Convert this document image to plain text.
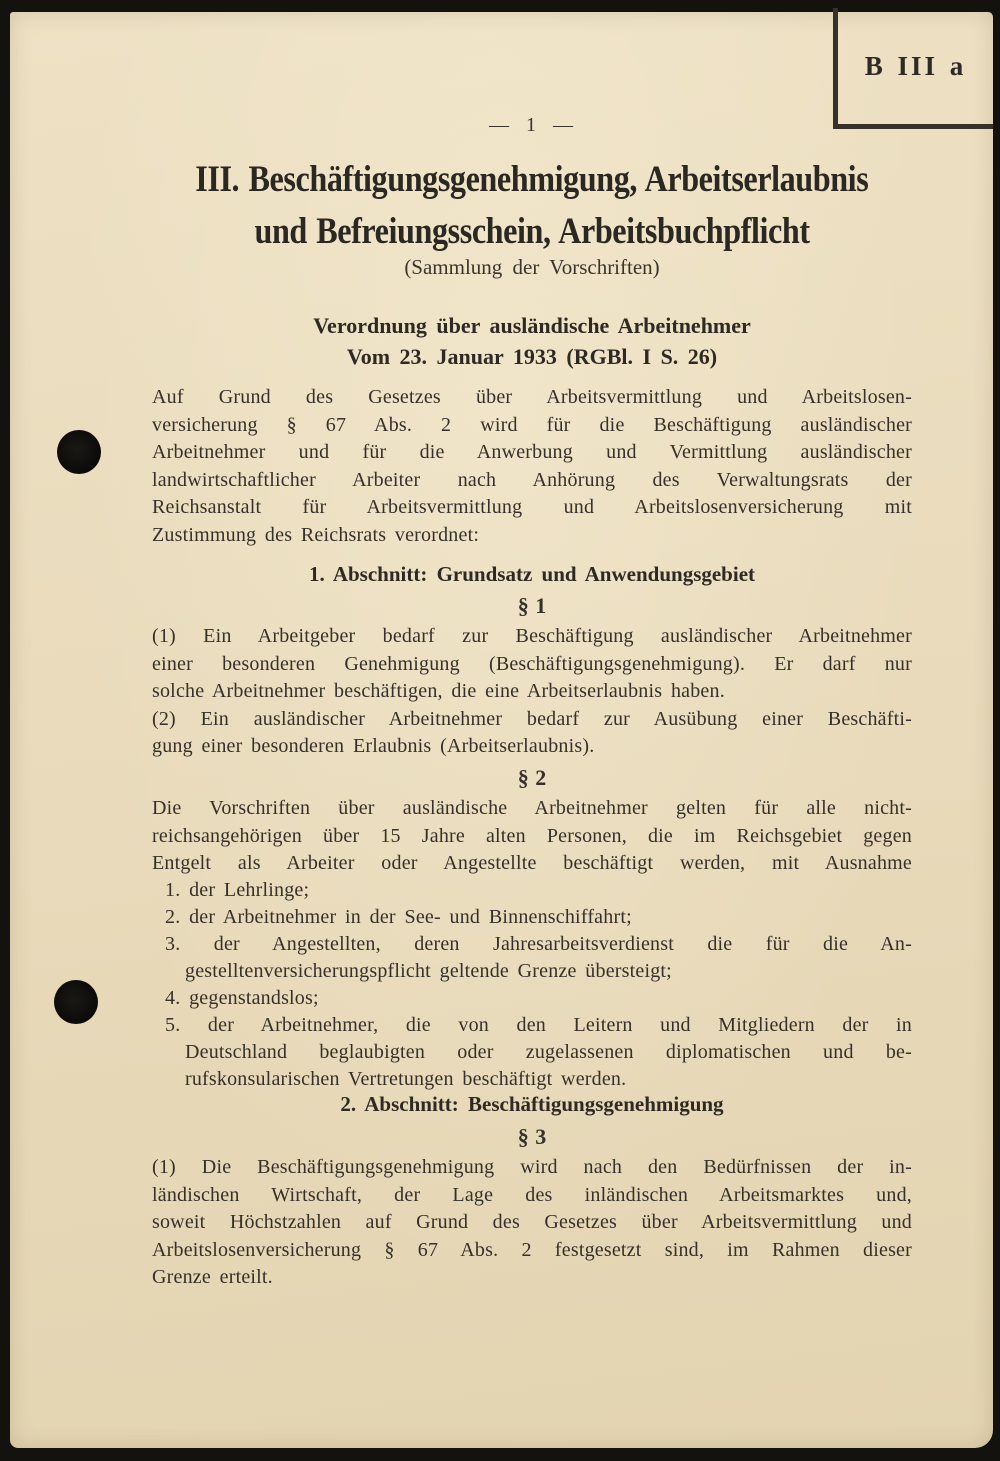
B III a
— 1 —
III. Beschäftigungsgenehmigung, Arbeitserlaubnis
und Befreiungsschein, Arbeitsbuchpflicht
(Sammlung der Vorschriften)
Verordnung über ausländische Arbeitnehmer
Vom 23. Januar 1933 (RGBl. I S. 26)
Auf Grund des Gesetzes über Arbeitsvermittlung und Arbeitslosen-
versicherung § 67 Abs. 2 wird für die Beschäftigung ausländischer
Arbeitnehmer und für die Anwerbung und Vermittlung ausländischer
landwirtschaftlicher Arbeiter nach Anhörung des Verwaltungsrats der
Reichsanstalt für Arbeitsvermittlung und Arbeitslosenversicherung mit
Zustimmung des Reichsrats verordnet:
1. Abschnitt: Grundsatz und Anwendungsgebiet
§ 1
(1) Ein Arbeitgeber bedarf zur Beschäftigung ausländischer Arbeitnehmer
einer besonderen Genehmigung (Beschäftigungsgenehmigung). Er darf nur
solche Arbeitnehmer beschäftigen, die eine Arbeitserlaubnis haben.
(2) Ein ausländischer Arbeitnehmer bedarf zur Ausübung einer Beschäfti-
gung einer besonderen Erlaubnis (Arbeitserlaubnis).
§ 2
Die Vorschriften über ausländische Arbeitnehmer gelten für alle nicht-
reichsangehörigen über 15 Jahre alten Personen, die im Reichsgebiet gegen
Entgelt als Arbeiter oder Angestellte beschäftigt werden, mit Ausnahme
1. der Lehrlinge;
2. der Arbeitnehmer in der See- und Binnenschiffahrt;
3. der Angestellten, deren Jahresarbeitsverdienst die für die An-
gestelltenversicherungspflicht geltende Grenze übersteigt;
4. gegenstandslos;
5. der Arbeitnehmer, die von den Leitern und Mitgliedern der in
Deutschland beglaubigten oder zugelassenen diplomatischen und be-
rufskonsularischen Vertretungen beschäftigt werden.
2. Abschnitt: Beschäftigungsgenehmigung
§ 3
(1) Die Beschäftigungsgenehmigung wird nach den Bedürfnissen der in-
ländischen Wirtschaft, der Lage des inländischen Arbeitsmarktes und,
soweit Höchstzahlen auf Grund des Gesetzes über Arbeitsvermittlung und
Arbeitslosenversicherung § 67 Abs. 2 festgesetzt sind, im Rahmen dieser
Grenze erteilt.
